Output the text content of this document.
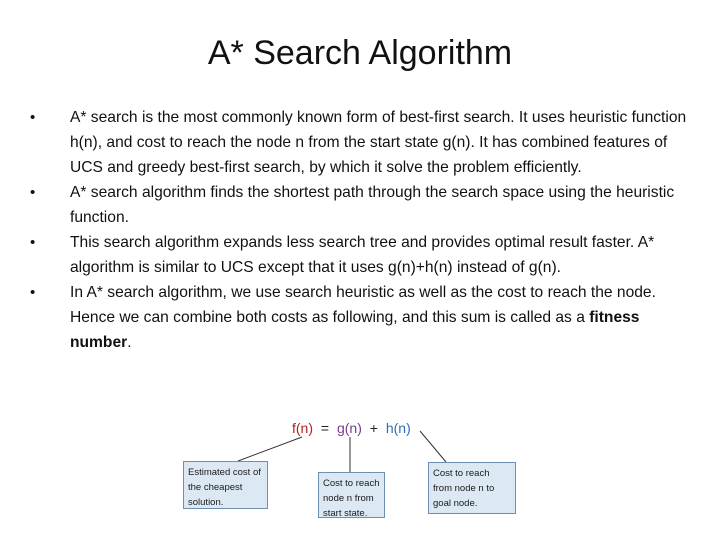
A* Search Algorithm
• A* search is the most commonly known form of best-first search. It uses heuristic function h(n), and cost to reach the node n from the start state g(n). It has combined features of UCS and greedy best-first search, by which it solve the problem efficiently.
• A* search algorithm finds the shortest path through the search space using the heuristic function.
• This search algorithm expands less search tree and provides optimal result faster. A* algorithm is similar to UCS except that it uses g(n)+h(n) instead of g(n).
• In A* search algorithm, we use search heuristic as well as the cost to reach the node. Hence we can combine both costs as following, and this sum is called as a fitness number.
f(n) = g(n) + h(n)
Estimated cost of the cheapest solution.
Cost to reach node n from start state.
Cost to reach from node n to goal node.
